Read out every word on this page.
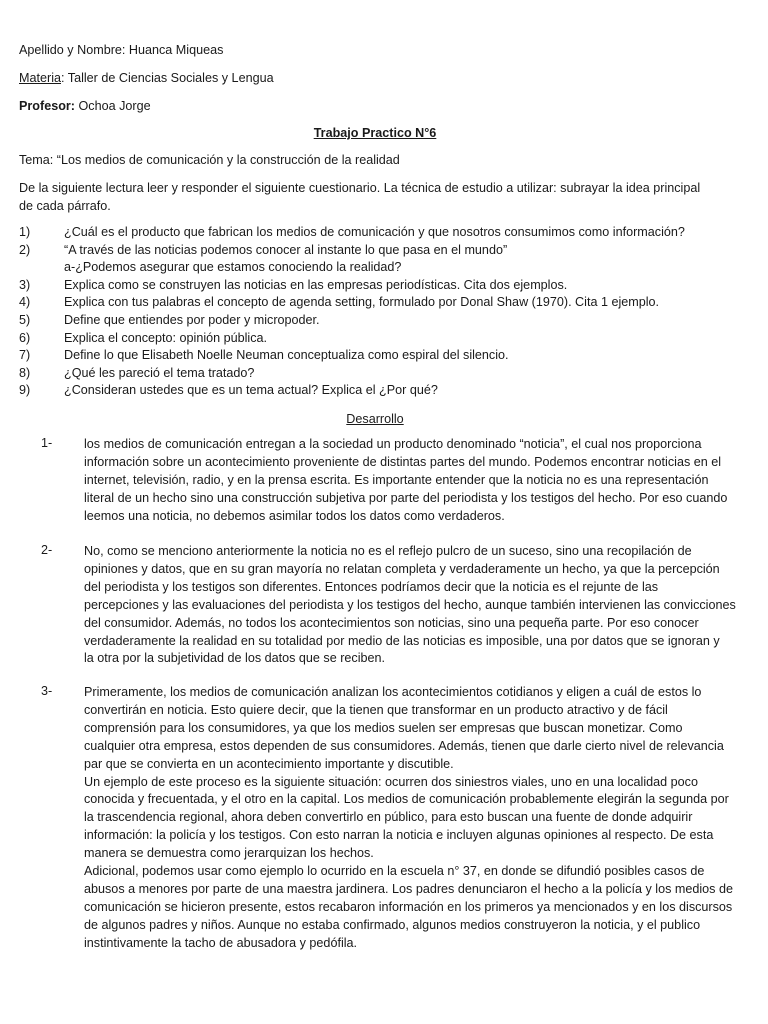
Apellido y Nombre: Huanca Miqueas
Materia: Taller de Ciencias Sociales y Lengua
Profesor: Ochoa Jorge
Trabajo Practico N°6
Tema: “Los medios de comunicación y la construcción de la realidad
De la siguiente lectura leer y responder el siguiente cuestionario. La técnica de estudio a utilizar: subrayar la idea principal
de cada párrafo.
1)	¿Cuál es el producto que fabrican los medios de comunicación y que nosotros consumimos como información?
2)	“A través de las noticias podemos conocer al instante lo que pasa en el mundo”
a-¿Podemos asegurar que estamos conociendo la realidad?
3)	Explica como se construyen las noticias en las empresas periodísticas. Cita dos ejemplos.
4)	Explica con tus palabras el concepto de agenda setting, formulado por Donal Shaw (1970). Cita 1 ejemplo.
5)	Define que entiendes por poder y micropoder.
6)	Explica el concepto: opinión pública.
7)	Define lo que Elisabeth Noelle Neuman conceptualiza como espiral del silencio.
8)	¿Qué les pareció el tema tratado?
9)	¿Consideran ustedes que es un tema actual? Explica el ¿Por qué?
Desarrollo
1-	los medios de comunicación entregan a la sociedad un producto denominado “noticia”, el cual nos proporciona
información sobre un acontecimiento proveniente de distintas partes del mundo. Podemos encontrar noticias en el
internet, televisión, radio, y en la prensa escrita. Es importante entender que la noticia no es una representación
literal de un hecho sino una construcción subjetiva por parte del periodista y los testigos del hecho. Por eso cuando
leemos una noticia, no debemos asimilar todos los datos como verdaderos.
2-	No, como se menciono anteriormente la noticia no es el reflejo pulcro de un suceso, sino una recopilación de
opiniones y datos, que en su gran mayoría no relatan completa y verdaderamente un hecho, ya que la percepción
del periodista y los testigos son diferentes. Entonces podríamos decir que la noticia es el rejunte de las
percepciones y las evaluaciones del periodista y los testigos del hecho, aunque también intervienen las convicciones
del consumidor. Además, no todos los acontecimientos son noticias, sino una pequeña parte. Por eso conocer
verdaderamente la realidad en su totalidad por medio de las noticias es imposible, una por datos que se ignoran y
la otra por la subjetividad de los datos que se reciben.
3-	Primeramente, los medios de comunicación analizan los acontecimientos cotidianos y eligen a cuál de estos lo
convertirán en noticia. Esto quiere decir, que la tienen que transformar en un producto atractivo y de fácil
comprensión para los consumidores, ya que los medios suelen ser empresas que buscan monetizar. Como
cualquier otra empresa, estos dependen de sus consumidores. Además, tienen que darle cierto nivel de relevancia
par que se convierta en un acontecimiento importante y discutible.
Un ejemplo de este proceso es la siguiente situación: ocurren dos siniestros viales, uno en una localidad poco
conocida y frecuentada, y el otro en la capital. Los medios de comunicación probablemente elegirán la segunda por
la trascendencia regional, ahora deben convertirlo en público, para esto buscan una fuente de donde adquirir
información: la policía y los testigos. Con esto narran la noticia e incluyen algunas opiniones al respecto. De esta
manera se demuestra como jerarquizan los hechos.
Adicional, podemos usar como ejemplo lo ocurrido en la escuela n° 37, en donde se difundió posibles casos de
abusos a menores por parte de una maestra jardinera. Los padres denunciaron el hecho a la policía y los medios de
comunicación se hicieron presente, estos recabaron información en los primeros ya mencionados y en los discursos
de algunos padres y niños. Aunque no estaba confirmado, algunos medios construyeron la noticia, y el publico
instintivamente la tacho de abusadora y pedófila.
